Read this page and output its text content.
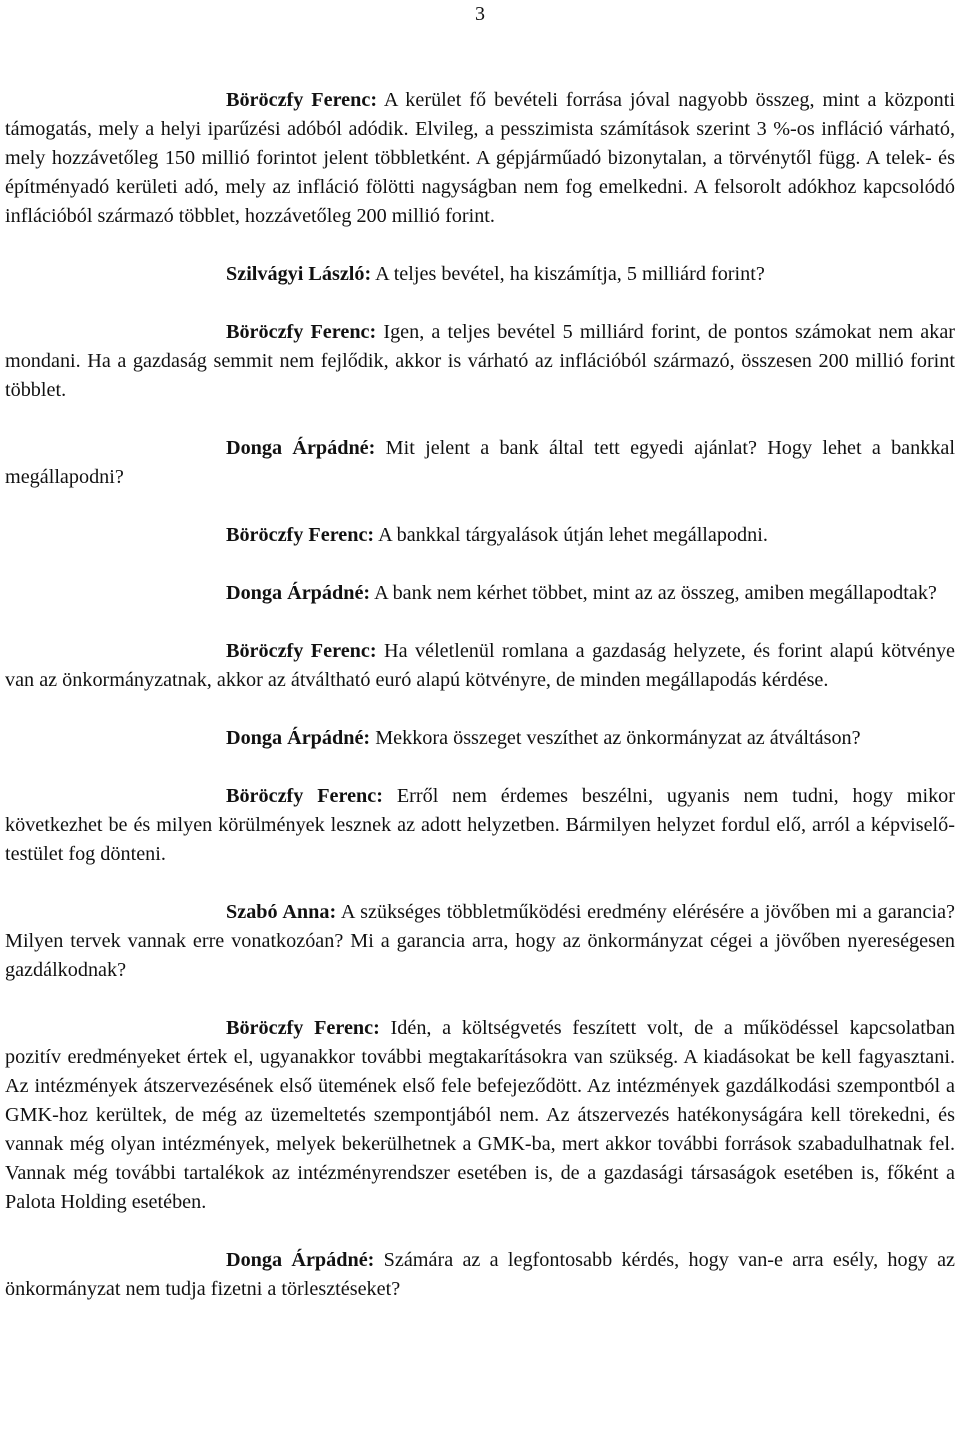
3

Böröczfy Ferenc: A kerület fő bevételi forrása jóval nagyobb összeg, mint a központi támogatás, mely a helyi iparűzési adóból adódik. Elvileg, a pesszimista számítások szerint 3 %-os infláció várható, mely hozzávetőleg 150 millió forintot jelent többletként. A gépjárműadó bizonytalan, a törvénytől függ. A telek- és építményadó kerületi adó, mely az infláció fölötti nagyságban nem fog emelkedni. A felsorolt adókhoz kapcsolódó inflációból származó többlet, hozzávetőleg 200 millió forint.

Szilvágyi László: A teljes bevétel, ha kiszámítja, 5 milliárd forint?

Böröczfy Ferenc: Igen, a teljes bevétel 5 milliárd forint, de pontos számokat nem akar mondani. Ha a gazdaság semmit nem fejlődik, akkor is várható az inflációból származó, összesen 200 millió forint többlet.

Donga Árpádné: Mit jelent a bank által tett egyedi ajánlat? Hogy lehet a bankkal megállapodni?

Böröczfy Ferenc: A bankkal tárgyalások útján lehet megállapodni.

Donga Árpádné: A bank nem kérhet többet, mint az az összeg, amiben megállapodtak?

Böröczfy Ferenc: Ha véletlenül romlana a gazdaság helyzete, és forint alapú kötvénye van az önkormányzatnak, akkor az átváltható euró alapú kötvényre, de minden megállapodás kérdése.

Donga Árpádné: Mekkora összeget veszíthet az önkormányzat az átváltáson?

Böröczfy Ferenc: Erről nem érdemes beszélni, ugyanis nem tudni, hogy mikor következhet be és milyen körülmények lesznek az adott helyzetben. Bármilyen helyzet fordul elő, arról a képviselő-testület fog dönteni.

Szabó Anna: A szükséges többletműködési eredmény elérésére a jövőben mi a garancia? Milyen tervek vannak erre vonatkozóan? Mi a garancia arra, hogy az önkormányzat cégei a jövőben nyereségesen gazdálkodnak?

Böröczfy Ferenc: Idén, a költségvetés feszített volt, de a működéssel kapcsolatban pozitív eredményeket értek el, ugyanakkor további megtakarításokra van szükség. A kiadásokat be kell fagyasztani. Az intézmények átszervezésének első ütemének első fele befejeződött. Az intézmények gazdálkodási szempontból a GMK-hoz kerültek, de még az üzemeltetés szempontjából nem. Az átszervezés hatékonyságára kell törekedni, és vannak még olyan intézmények, melyek bekerülhetnek a GMK-ba, mert akkor további források szabadulhatnak fel. Vannak még további tartalékok az intézményrendszer esetében is, de a gazdasági társaságok esetében is, főként a Palota Holding esetében.

Donga Árpádné: Számára az a legfontosabb kérdés, hogy van-e arra esély, hogy az önkormányzat nem tudja fizetni a törlesztéseket?
